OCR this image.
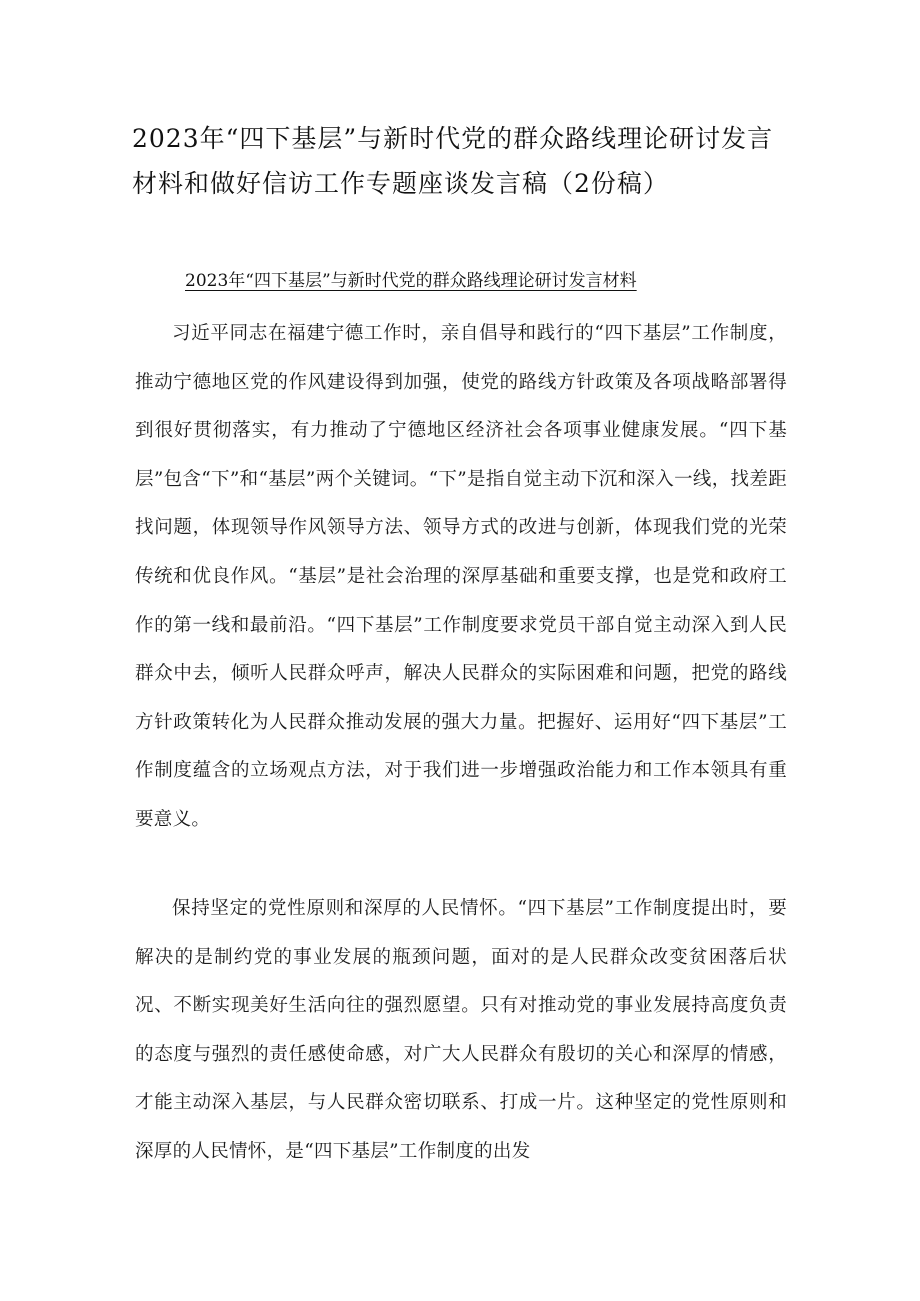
2023年“四下基层”与新时代党的群众路线理论研讨发言材料和做好信访工作专题座谈发言稿（2份稿）
2023年“四下基层”与新时代党的群众路线理论研讨发言材料

习近平同志在福建宁德工作时，亲自倡导和践行的“四下基层”工作制度，推动宁德地区党的作风建设得到加强，使党的路线方针政策及各项战略部署得到很好贯彻落实，有力推动了宁德地区经济社会各项事业健康发展。“四下基层”包含“下”和“基层”两个关键词。“下”是指自觉主动下沉和深入一线，找差距找问题，体现领导作风领导方法、领导方式的改进与创新，体现我们党的光荣传统和优良作风。“基层”是社会治理的深厚基础和重要支撑，也是党和政府工作的第一线和最前沿。“四下基层”工作制度要求党员干部自觉主动深入到人民群众中去，倾听人民群众呼声，解决人民群众的实际困难和问题，把党的路线方针政策转化为人民群众推动发展的强大力量。把握好、运用好“四下基层”工作制度蕴含的立场观点方法，对于我们进一步增强政治能力和工作本领具有重要意义。

保持坚定的党性原则和深厚的人民情怀。“四下基层”工作制度提出时，要解决的是制约党的事业发展的瓶颈问题，面对的是人民群众改变贫困落后状况、不断实现美好生活向往的强烈愿望。只有对推动党的事业发展持高度负责的态度与强烈的责任感使命感，对广大人民群众有殷切的关心和深厚的情感，才能主动深入基层，与人民群众密切联系、打成一片。这种坚定的党性原则和深厚的人民情怀，是“四下基层”工作制度的出发
